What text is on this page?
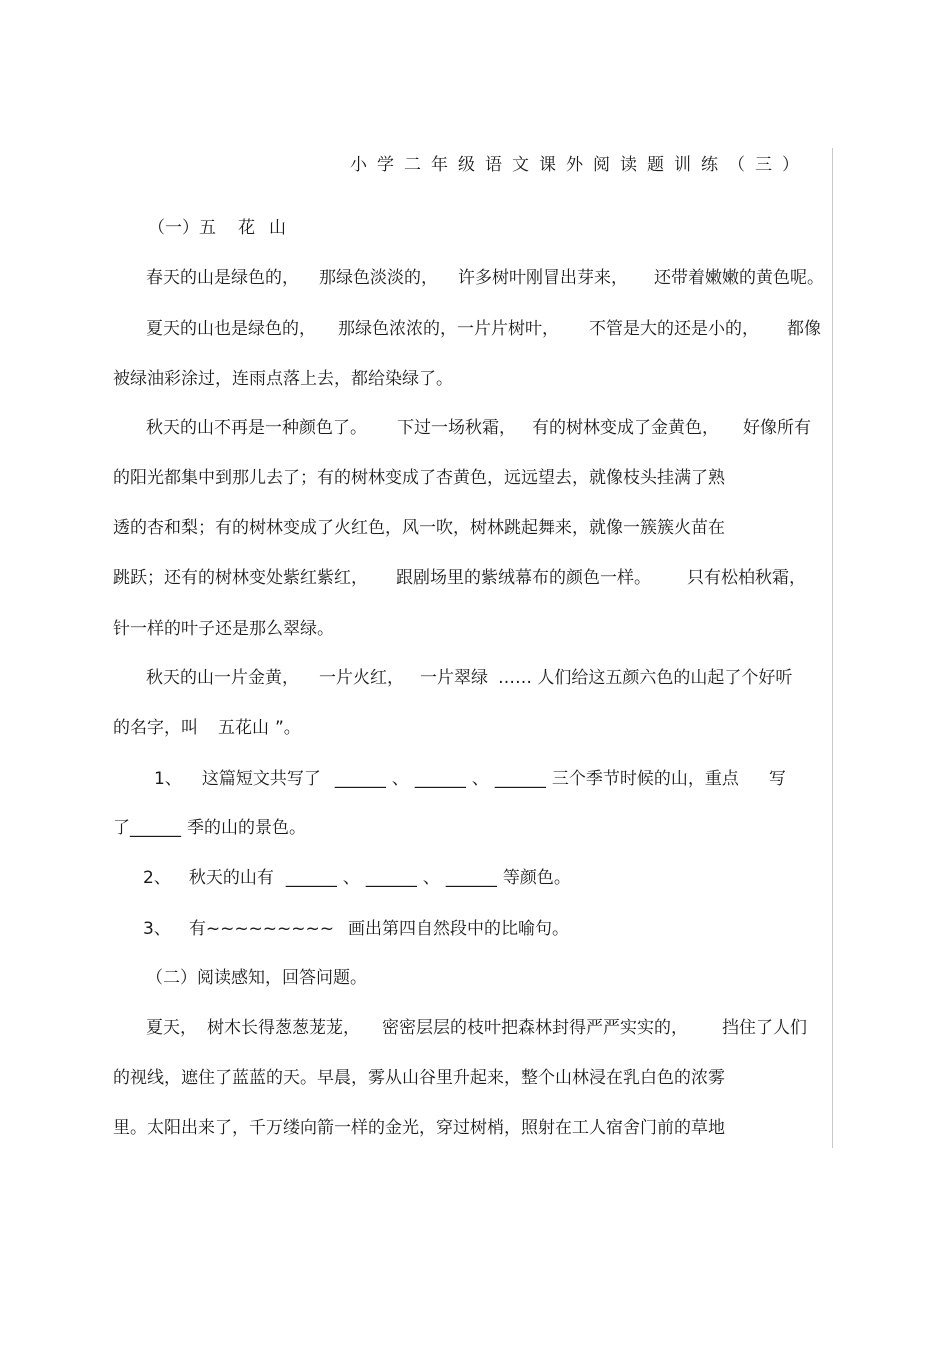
小学二年级语文课外阅读题训练（三）
（一）五 花 山
春天的山是绿色的， 那绿色淡淡的， 许多树叶刚冒出芽来， 还带着嫩嫩的黄色呢。
夏天的山也是绿色的， 那绿色浓浓的，一片片树叶， 不管是大的还是小的， 都像
被绿油彩涂过，连雨点落上去，都给染绿了。
秋天的山不再是一种颜色了。 下过一场秋霜， 有的树林变成了金黄色， 好像所有
的阳光都集中到那儿去了；有的树林变成了杏黄色，远远望去，就像枝头挂满了熟
透的杏和梨；有的树林变成了火红色，风一吹，树林跳起舞来，就像一簇簇火苗在
跳跃；还有的树林变处紫红紫红， 跟剧场里的紫绒幕布的颜色一样。 只有松柏秋霜，
针一样的叶子还是那么翠绿。
秋天的山一片金黄， 一片火红， 一片翠绿 …… 人们给这五颜六色的山起了个好听
的名字，叫 五花山 ”。
1、 这篇短文共写了 ______ 、 ______ 、 ______ 三个季节时候的山，重点 写
了______ 季的山的景色。
2、 秋天的山有 ______ 、 ______ 、 ______ 等颜色。
3、 有~~~~~~~~~ 画出第四自然段中的比喻句。
（二）阅读感知，回答问题。
夏天， 树木长得葱葱茏茏， 密密层层的枝叶把森林封得严严实实的， 挡住了人们
的视线，遮住了蓝蓝的天。早晨，雾从山谷里升起来，整个山林浸在乳白色的浓雾
里。太阳出来了，千万缕向箭一样的金光，穿过树梢，照射在工人宿舍门前的草地
